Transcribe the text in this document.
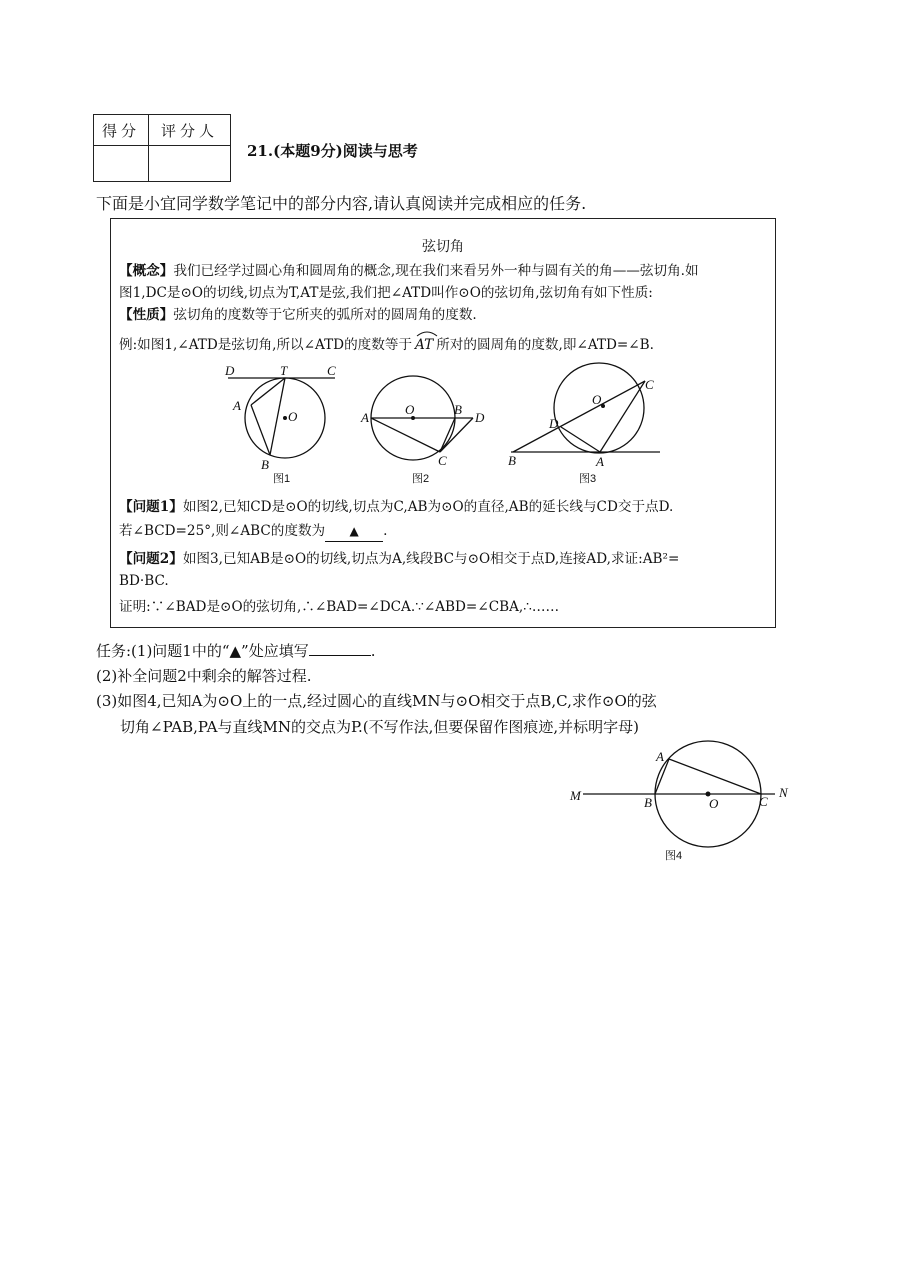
得分	评分人

21.(本题9分)阅读与思考
下面是小宜同学数学笔记中的部分内容,请认真阅读并完成相应的任务.
弦切角
【概念】我们已经学过圆心角和圆周角的概念,现在我们来看另外一种与圆有关的角——弦切角.如
图1,DC是⊙O的切线,切点为T,AT是弦,我们把∠ATD叫作⊙O的弦切角,弦切角有如下性质:
【性质】弦切角的度数等于它所夹的弧所对的圆周角的度数.
例:如图1,∠ATD是弦切角,所以∠ATD的度数等于 AT 所对的圆周角的度数,即∠ATD=∠B.
【问题1】如图2,已知CD是⊙O的切线,切点为C,AB为⊙O的直径,AB的延长线与CD交于点D.
若∠BCD=25°,则∠ABC的度数为 ▲ .
【问题2】如图3,已知AB是⊙O的切线,切点为A,线段BC与⊙O相交于点D,连接AD,求证:AB²=
BD·BC.
证明:∵∠BAD是⊙O的弦切角,∴∠BAD=∠DCA.∵∠ABD=∠CBA,∴……
D	T	C
A
O
B
图1
A
O	B
D
C
图2
O
C
D
B	A
图3
任务:(1)问题1中的“▲”处应填写	.
(2)补全问题2中剩余的解答过程.
(3)如图4,已知A为⊙O上的一点,经过圆心的直线MN与⊙O相交于点B,C,求作⊙O的弦
切角∠PAB,PA与直线MN的交点为P.(不写作法,但要保留作图痕迹,并标明字母)
M
A
B	O	C
N
图4
